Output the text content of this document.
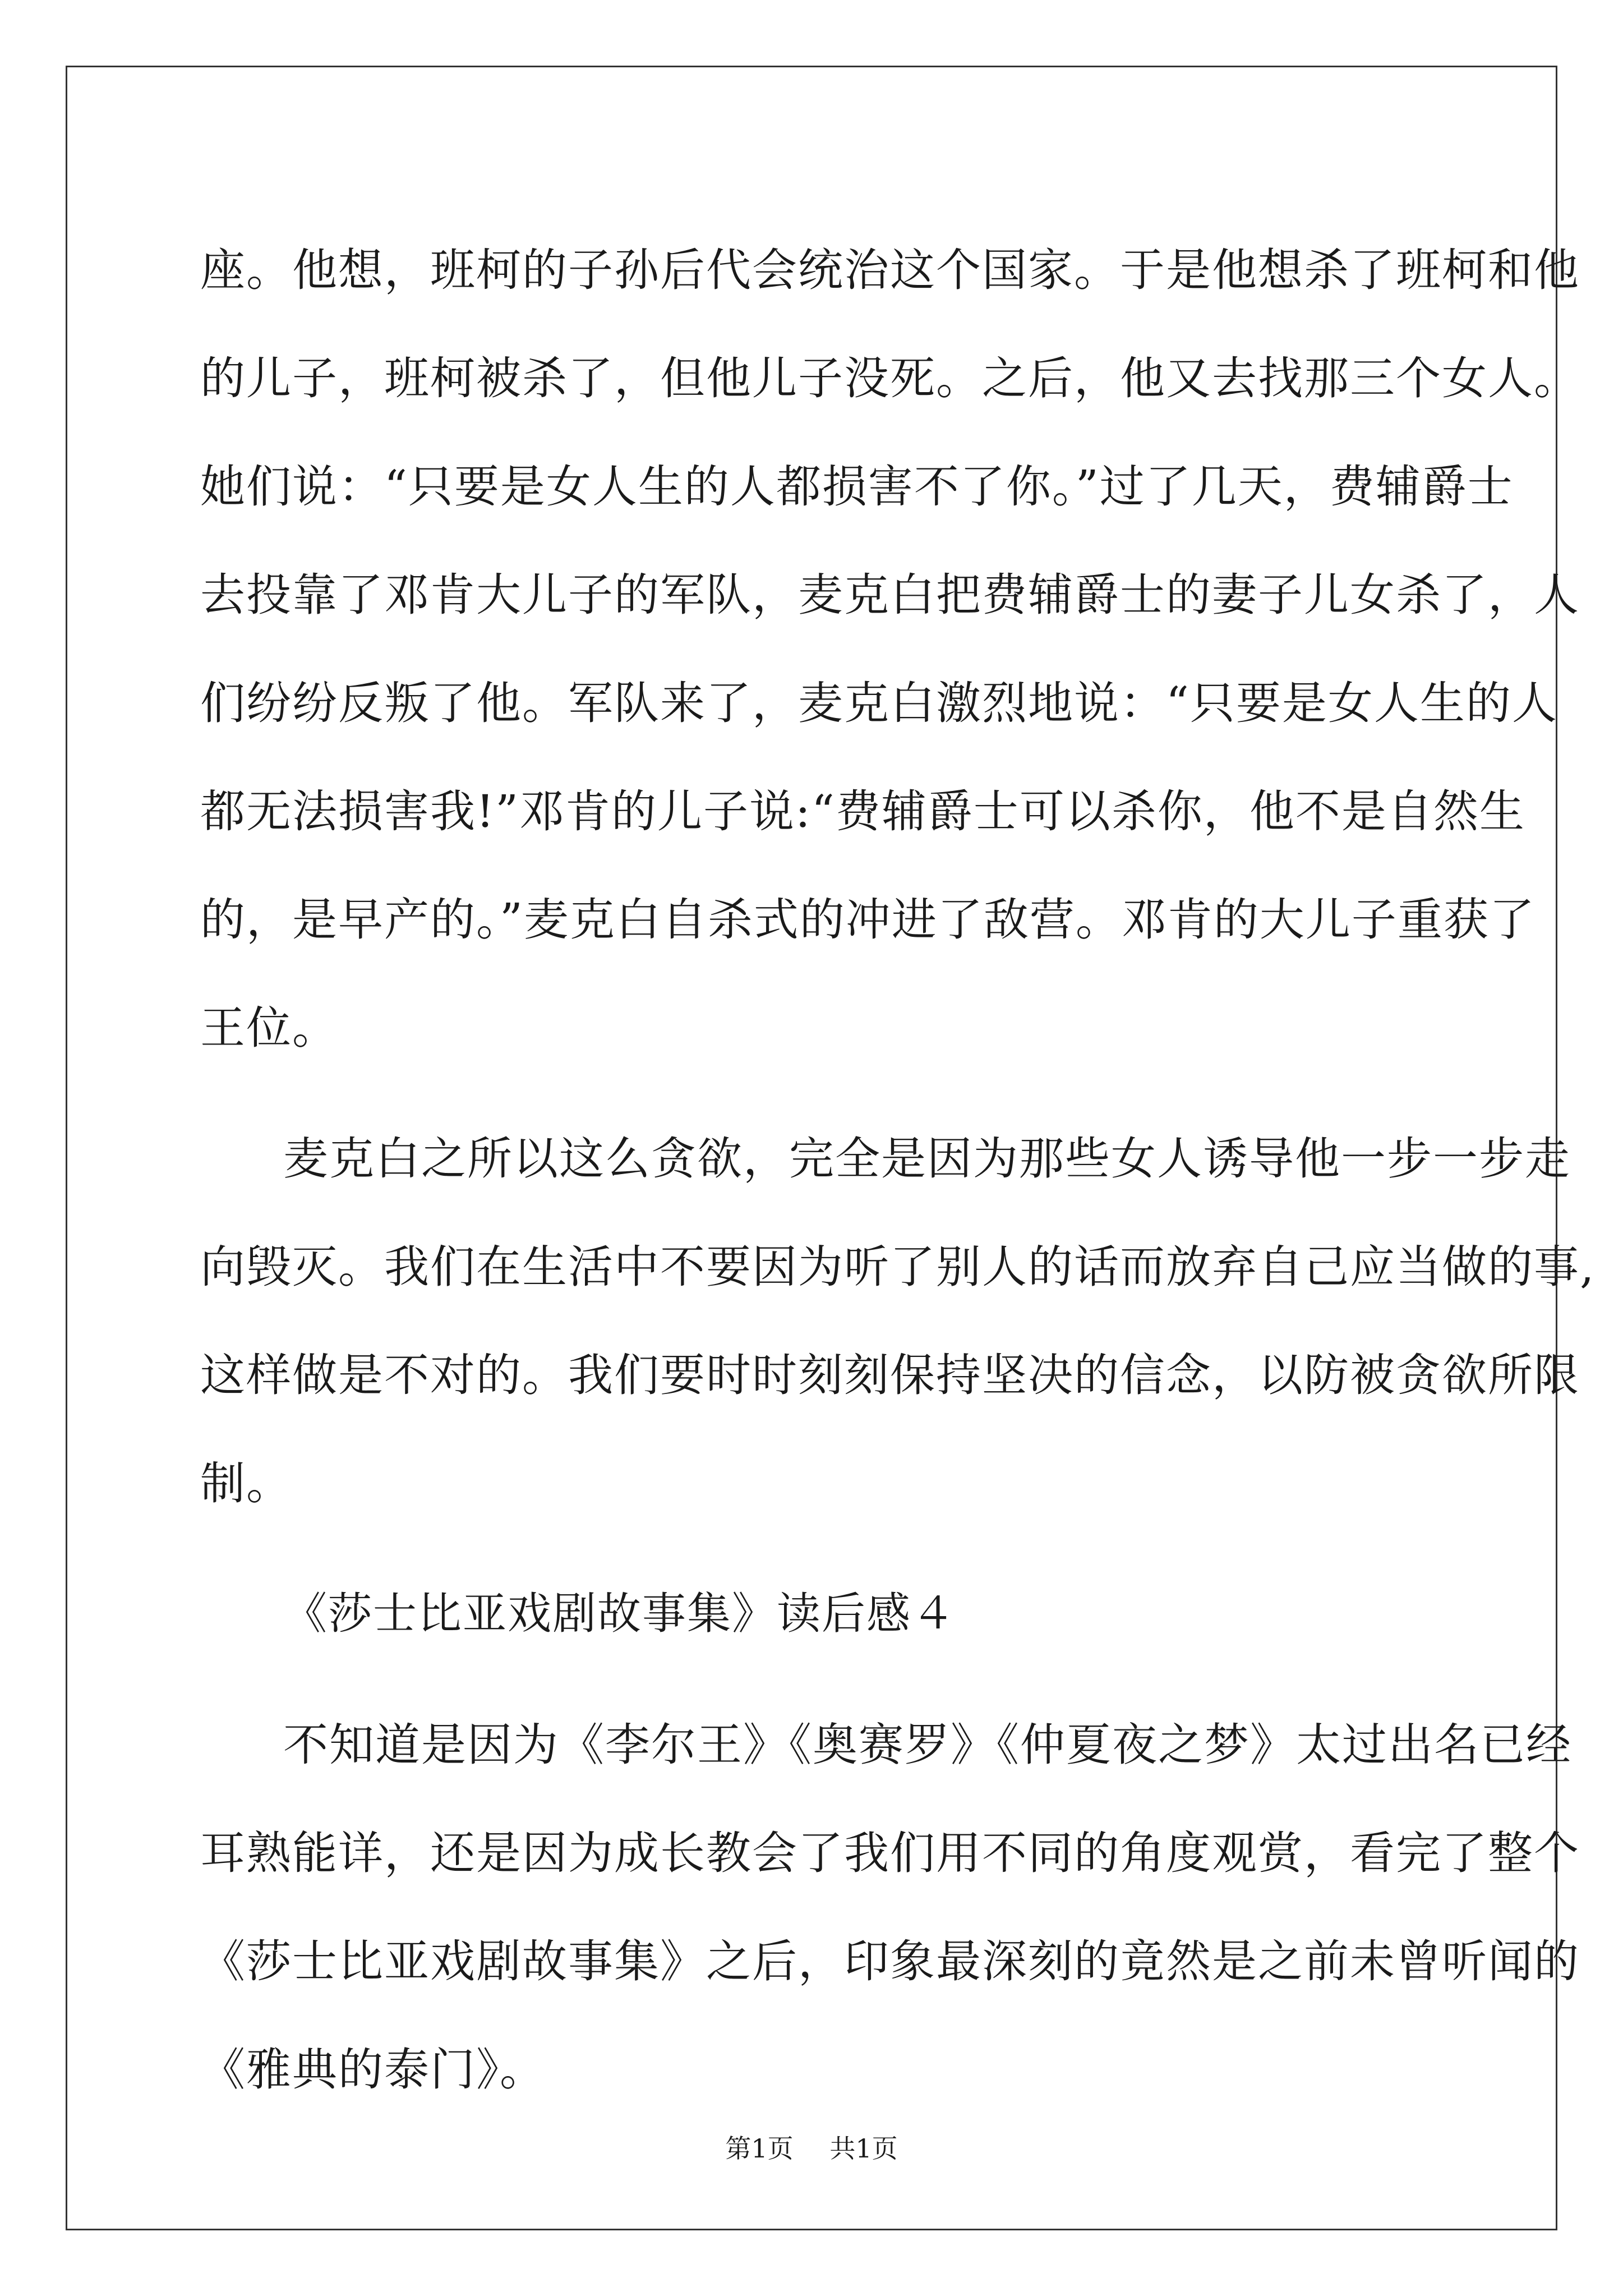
座。他想，班柯的子孙后代会统治这个国家。于是他想杀了班柯和他
的儿子，班柯被杀了，但他儿子没死。之后，他又去找那三个女人。
她们说：“只要是女人生的人都损害不了你。”过了几天，费辅爵士
去投靠了邓肯大儿子的军队，麦克白把费辅爵士的妻子儿女杀了，人
们纷纷反叛了他。军队来了，麦克白激烈地说：“只要是女人生的人
都无法损害我!”邓肯的儿子说:“费辅爵士可以杀你，他不是自然生
的，是早产的。”麦克白自杀式的冲进了敌营。邓肯的大儿子重获了
王位。
麦克白之所以这么贪欲，完全是因为那些女人诱导他一步一步走
向毁灭。我们在生活中不要因为听了别人的话而放弃自己应当做的事,
这样做是不对的。我们要时时刻刻保持坚决的信念，以防被贪欲所限
制。
《莎士比亚戏剧故事集》读后感４
不知道是因为《李尔王》《奥赛罗》《仲夏夜之梦》太过出名已经
耳熟能详，还是因为成长教会了我们用不同的角度观赏，看完了整个
《莎士比亚戏剧故事集》之后，印象最深刻的竟然是之前未曾听闻的
《雅典的泰门》。
第1页 共1页
